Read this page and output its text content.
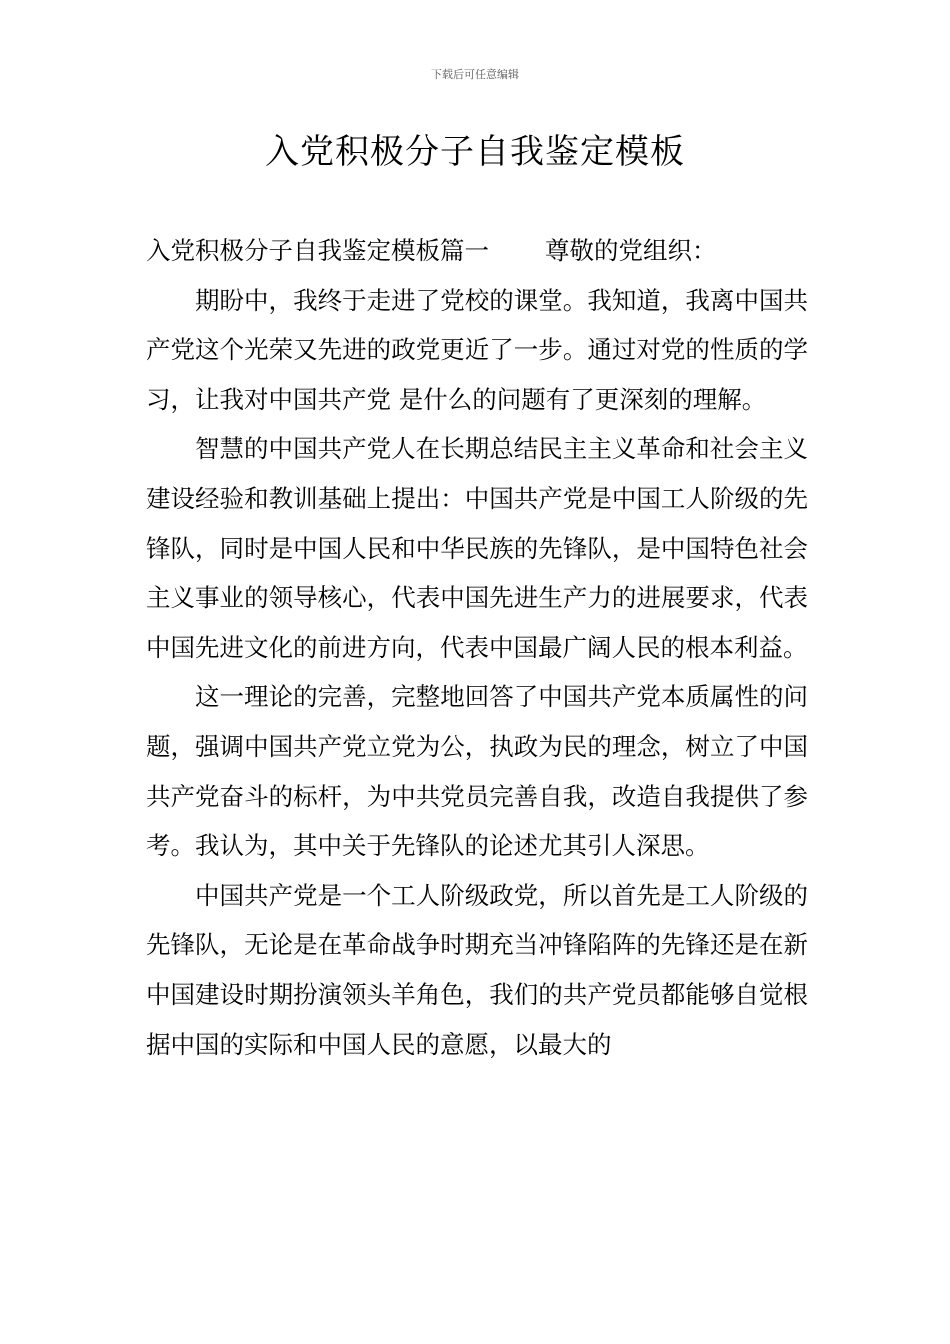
下载后可任意编辑
入党积极分子自我鉴定模板

入党积极分子自我鉴定模板篇一 尊敬的党组织：

期盼中，我终于走进了党校的课堂。我知道，我离中国共产党这个光荣又先进的政党更近了一步。通过对党的性质的学习，让我对中国共产党 是什么的问题有了更深刻的理解。

智慧的中国共产党人在长期总结民主主义革命和社会主义建设经验和教训基础上提出：中国共产党是中国工人阶级的先锋队，同时是中国人民和中华民族的先锋队，是中国特色社会主义事业的领导核心，代表中国先进生产力的进展要求，代表中国先进文化的前进方向，代表中国最广阔人民的根本利益。

这一理论的完善，完整地回答了中国共产党本质属性的问题，强调中国共产党立党为公，执政为民的理念，树立了中国共产党奋斗的标杆，为中共党员完善自我，改造自我提供了参考。我认为，其中关于先锋队的论述尤其引人深思。

中国共产党是一个工人阶级政党，所以首先是工人阶级的先锋队，无论是在革命战争时期充当冲锋陷阵的先锋还是在新中国建设时期扮演领头羊角色，我们的共产党员都能够自觉根据中国的实际和中国人民的意愿，以最大的
